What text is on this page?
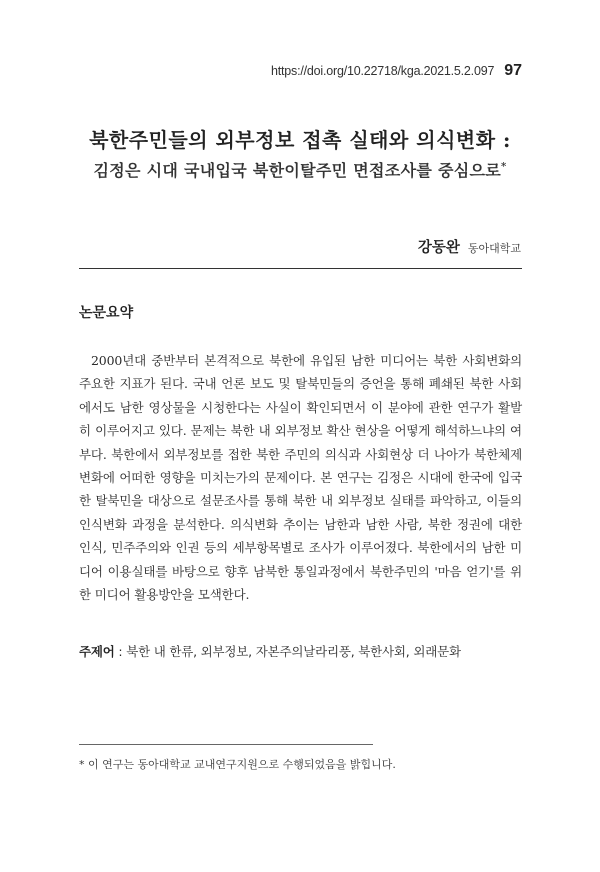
https://doi.org/10.22718/kga.2021.5.2.097 97
북한주민들의 외부정보 접촉 실태와 의식변화 :
김정은 시대 국내입국 북한이탈주민 면접조사를 중심으로*
강동완 동아대학교
논문요약

2000년대 중반부터 본격적으로 북한에 유입된 남한 미디어는 북한 사회변화의 주요한 지표가 된다. 국내 언론 보도 및 탈북민들의 증언을 통해 폐쇄된 북한 사회에서도 남한 영상물을 시청한다는 사실이 확인되면서 이 분야에 관한 연구가 활발히 이루어지고 있다. 문제는 북한 내 외부정보 확산 현상을 어떻게 해석하느냐의 여부다. 북한에서 외부정보를 접한 북한 주민의 의식과 사회현상 더 나아가 북한체제 변화에 어떠한 영향을 미치는가의 문제이다. 본 연구는 김정은 시대에 한국에 입국한 탈북민을 대상으로 설문조사를 통해 북한 내 외부정보 실태를 파악하고, 이들의 인식변화 과정을 분석한다. 의식변화 추이는 남한과 남한 사람, 북한 정권에 대한 인식, 민주주의와 인권 등의 세부항목별로 조사가 이루어졌다. 북한에서의 남한 미디어 이용실태를 바탕으로 향후 남북한 통일과정에서 북한주민의 '마음 얻기'를 위한 미디어 활용방안을 모색한다.

주제어 : 북한 내 한류, 외부정보, 자본주의날라리풍, 북한사회, 외래문화

* 이 연구는 동아대학교 교내연구지원으로 수행되었음을 밝힙니다.
